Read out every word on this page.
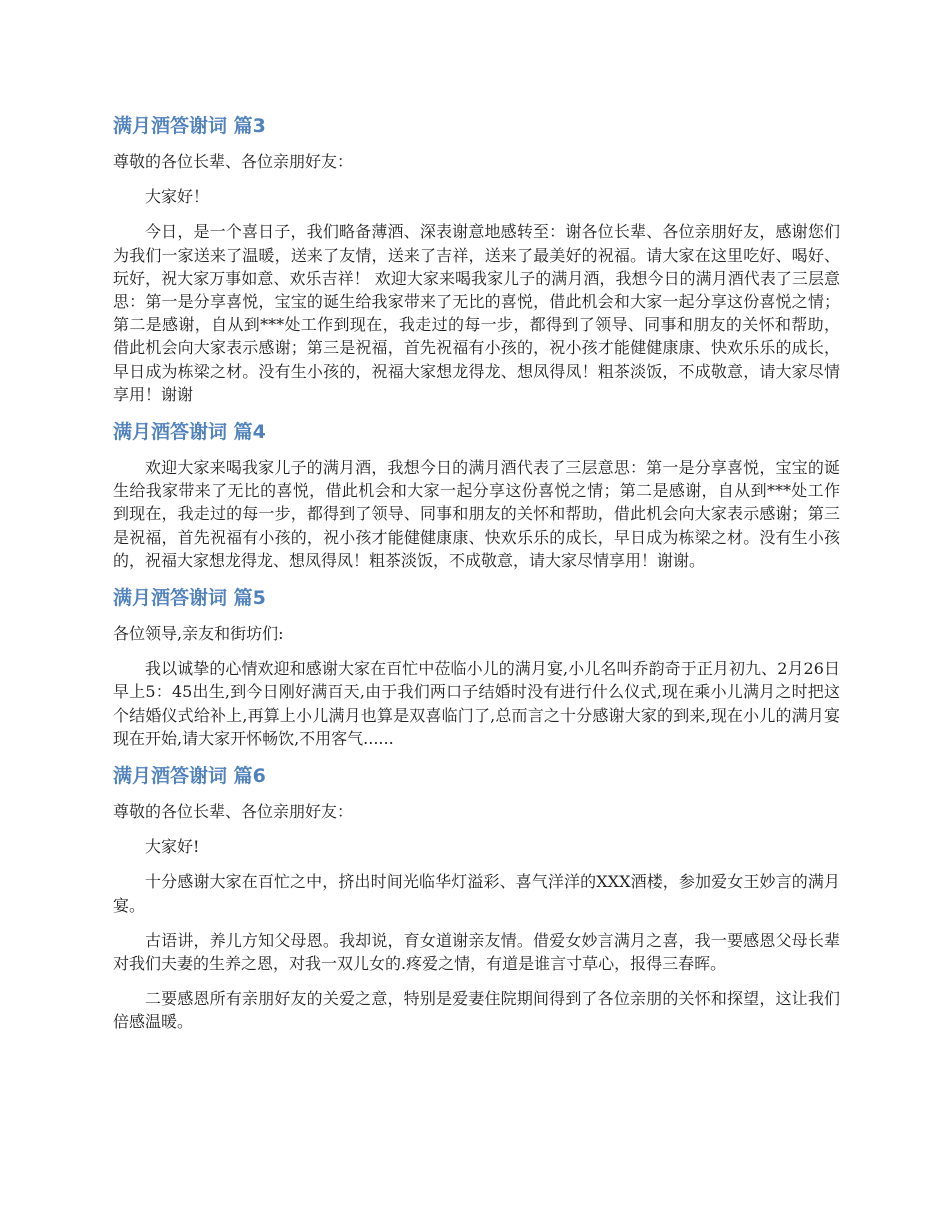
满月酒答谢词 篇3

尊敬的各位长辈、各位亲朋好友：

大家好！

今日，是一个喜日子，我们略备薄酒、深表谢意地感转至：谢各位长辈、各位亲朋好友，感谢您们为我们一家送来了温暖，送来了友情，送来了吉祥，送来了最美好的祝福。请大家在这里吃好、喝好、玩好，祝大家万事如意、欢乐吉祥！ 欢迎大家来喝我家儿子的满月酒，我想今日的满月酒代表了三层意思：第一是分享喜悦，宝宝的诞生给我家带来了无比的喜悦，借此机会和大家一起分享这份喜悦之情；第二是感谢，自从到***处工作到现在，我走过的每一步，都得到了领导、同事和朋友的关怀和帮助，借此机会向大家表示感谢；第三是祝福，首先祝福有小孩的，祝小孩才能健健康康、快欢乐乐的成长，早日成为栋梁之材。没有生小孩的，祝福大家想龙得龙、想凤得凤！粗茶淡饭，不成敬意，请大家尽情享用！谢谢

满月酒答谢词 篇4

欢迎大家来喝我家儿子的满月酒，我想今日的满月酒代表了三层意思：第一是分享喜悦，宝宝的诞生给我家带来了无比的喜悦，借此机会和大家一起分享这份喜悦之情；第二是感谢，自从到***处工作到现在，我走过的每一步，都得到了领导、同事和朋友的关怀和帮助，借此机会向大家表示感谢；第三是祝福，首先祝福有小孩的，祝小孩才能健健康康、快欢乐乐的成长，早日成为栋梁之材。没有生小孩的，祝福大家想龙得龙、想凤得凤！粗茶淡饭，不成敬意，请大家尽情享用！谢谢。

满月酒答谢词 篇5

各位领导,亲友和街坊们:

我以诚挚的心情欢迎和感谢大家在百忙中莅临小儿的满月宴,小儿名叫乔韵奇于正月初九、2月26日早上5：45出生,到今日刚好满百天,由于我们两口子结婚时没有进行什么仪式,现在乘小儿满月之时把这个结婚仪式给补上,再算上小儿满月也算是双喜临门了,总而言之十分感谢大家的到来,现在小儿的满月宴现在开始,请大家开怀畅饮,不用客气......

满月酒答谢词 篇6

尊敬的各位长辈、各位亲朋好友：

大家好!

十分感谢大家在百忙之中，挤出时间光临华灯溢彩、喜气洋洋的XXX酒楼，参加爱女王妙言的满月宴。

古语讲，养儿方知父母恩。我却说，育女道谢亲友情。借爱女妙言满月之喜，我一要感恩父母长辈对我们夫妻的生养之恩，对我一双儿女的.疼爱之情，有道是谁言寸草心，报得三春晖。

二要感恩所有亲朋好友的关爱之意，特别是爱妻住院期间得到了各位亲朋的关怀和探望，这让我们倍感温暖。
